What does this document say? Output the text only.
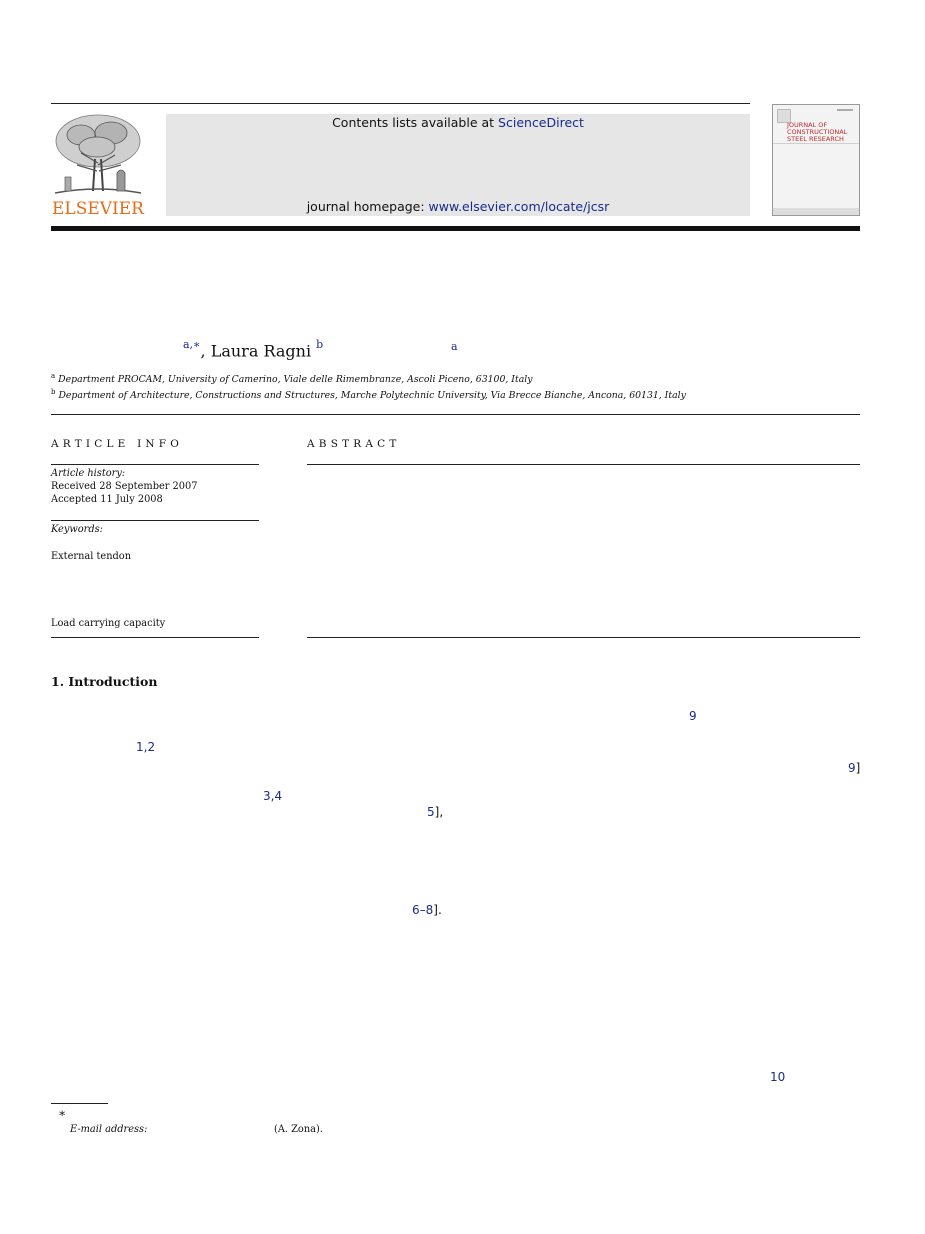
ELSEVIER
Contents lists available at ScienceDirect
journal homepage: www.elsevier.com/locate/jcsr
JOURNAL OF
CONSTRUCTIONAL
STEEL RESEARCH
$^{a,∗}$, Laura Ragni $^b$	a
$^a$ Department PROCAM, University of Camerino, Viale delle Rimembranze, Ascoli Piceno, 63100, Italy
$^b$ Department of Architecture, Constructions and Structures, Marche Polytechnic University, Via Brecce Bianche, Ancona, 60131, Italy
ARTICLE INFO	ABSTRACT
Article history:
Received 28 September 2007
Accepted 11 July 2008
Keywords:
External tendon
Load carrying capacity
1. Introduction
9
1,2
9]
3,4
5],
6–8].
10
∗
E-mail address:	(A. Zona).
